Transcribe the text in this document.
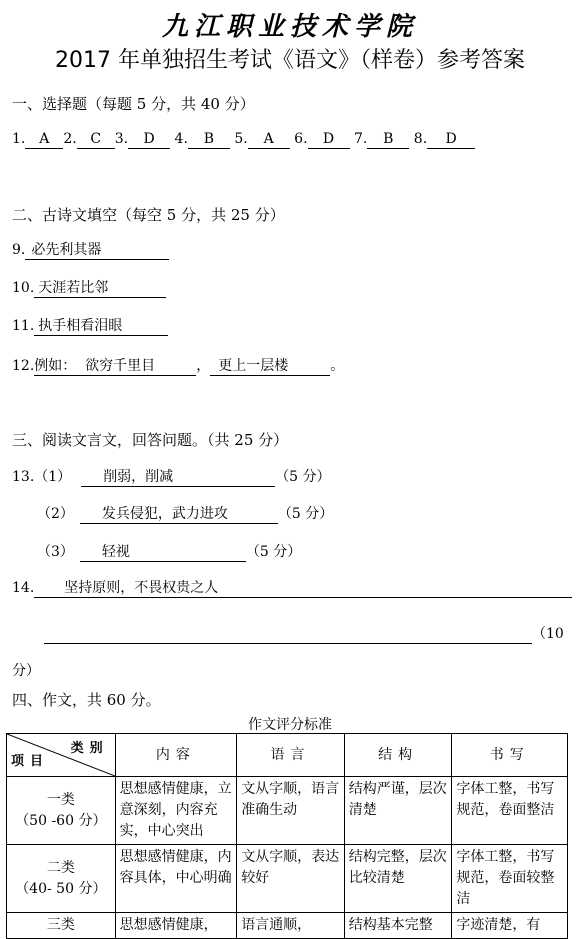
九江职业技术学院
2017 年单独招生考试《语文》（样卷）参考答案
一、选择题（每题 5 分，共 40 分）
1. A 2. C 3. D 4. B 5. A 6. D 7. B 8. D
二、古诗文填空（每空 5 分，共 25 分）
9. 必先利其器
10. 天涯若比邻
11. 执手相看泪眼
12.例如： 欲穷千里目	， 更上一层楼	。
三、阅读文言文，回答问题。（共 25 分）
13.（1） 削弱，削减	（5 分）
（2） 发兵侵犯，武力进攻	（5 分）
（3） 轻视	（5 分）
14. 坚持原则，不畏权贵之人
（10
分）
四、作文，共 60 分。
作文评分标准
类别
项目	内容	语言	结构	书写

一类
（50 -60 分）	思想感情健康，立意深刻，内容充实，中心突出	文从字顺，语言准确生动	结构严谨，层次清楚	字体工整，书写规范，卷面整洁

二类
（40- 50 分）	思想感情健康，内容具体，中心明确	文从字顺，表达较好	结构完整，层次比较清楚	字体工整，书写规范，卷面较整洁

三类	思想感情健康，	语言通顺，	结构基本完整	字迹清楚，有
